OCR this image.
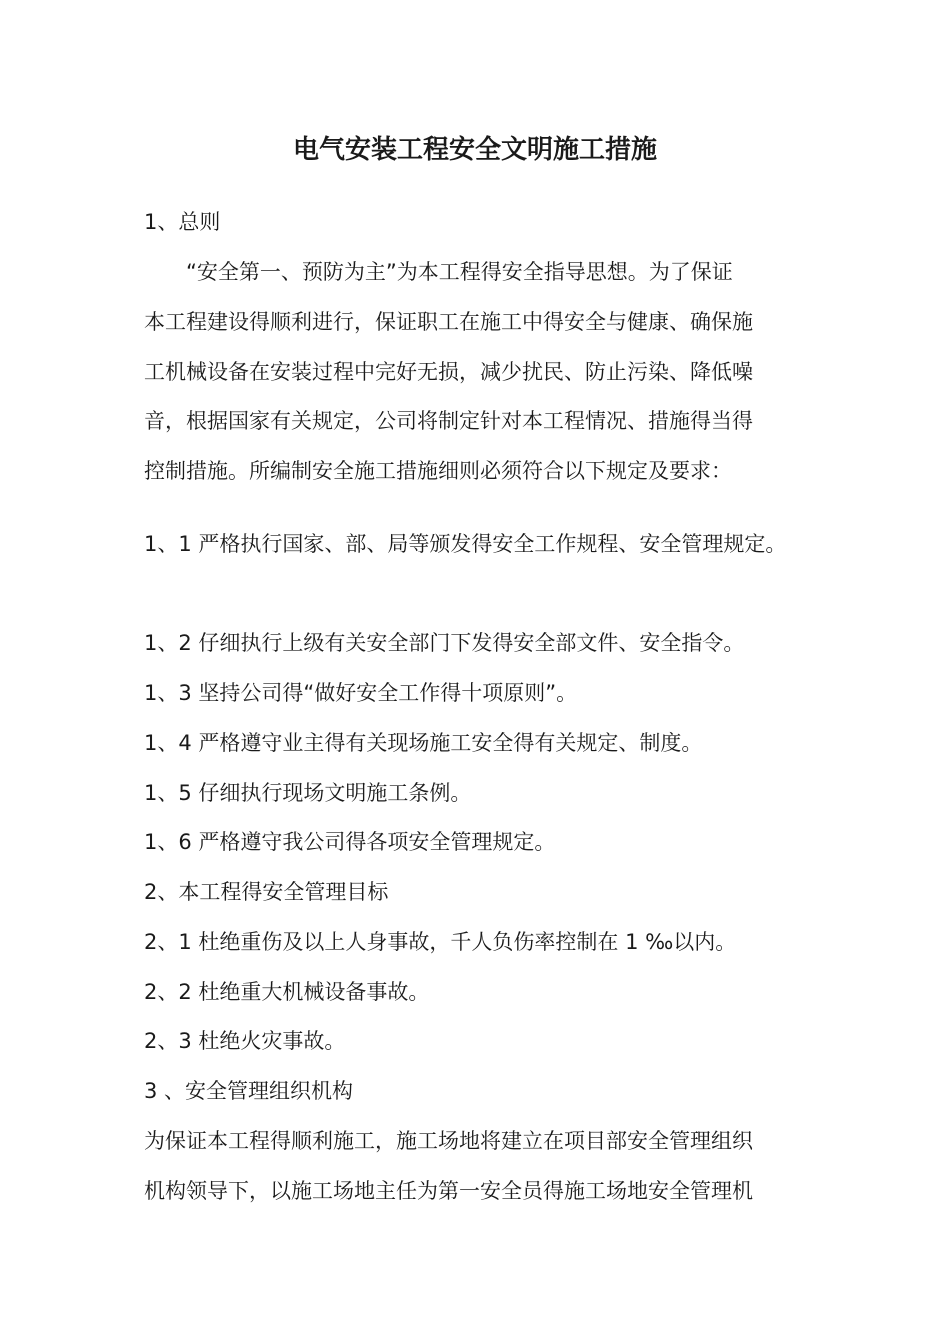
电气安装工程安全文明施工措施

1、总则

“安全第一、预防为主”为本工程得安全指导思想。为了保证

本工程建设得顺利进行，保证职工在施工中得安全与健康、确保施

工机械设备在安装过程中完好无损，减少扰民、防止污染、降低噪

音，根据国家有关规定，公司将制定针对本工程情况、措施得当得

控制措施。所编制安全施工措施细则必须符合以下规定及要求：

1、1 严格执行国家、部、局等颁发得安全工作规程、安全管理规定。

1、2 仔细执行上级有关安全部门下发得安全部文件、安全指令。

1、3 坚持公司得“做好安全工作得十项原则”。

1、4 严格遵守业主得有关现场施工安全得有关规定、制度。

1、5 仔细执行现场文明施工条例。

1、6 严格遵守我公司得各项安全管理规定。

2、本工程得安全管理目标

2、1 杜绝重伤及以上人身事故，千人负伤率控制在 1 ‰以内。

2、2 杜绝重大机械设备事故。

2、3 杜绝火灾事故。

3 、安全管理组织机构

为保证本工程得顺利施工，施工场地将建立在项目部安全管理组织

机构领导下，以施工场地主任为第一安全员得施工场地安全管理机
